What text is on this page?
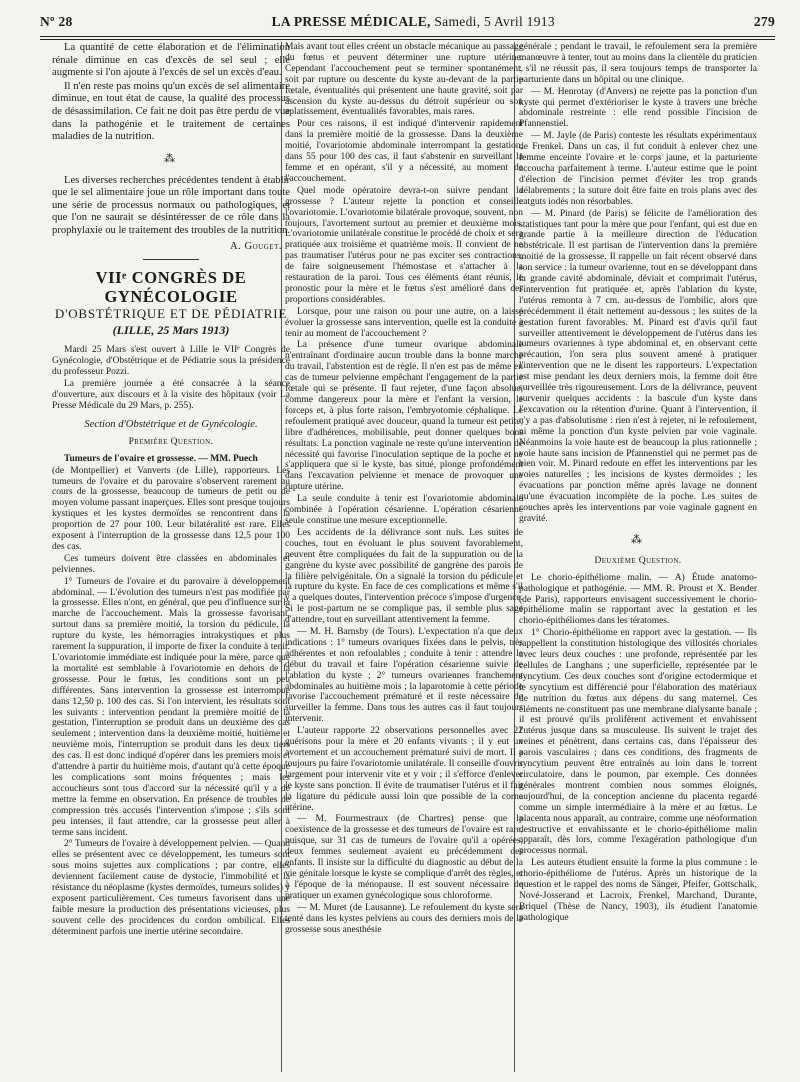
Nº 28	LA PRESSE MÉDICALE, Samedi, 5 Avril 1913	279

La quantité de cette élaboration et de l'élimination rénale diminue en cas d'excès de sel seul ; elle augmente si l'on ajoute à l'excès de sel un excès d'eau.

Il n'en reste pas moins qu'un excès de sel alimentaire diminue, en tout état de cause, la qualité des processus de désassimilation. Ce fait ne doit pas être perdu de vue dans la pathogénie et le traitement de certaines maladies de la nutrition.

⁂

Les diverses recherches précédentes tendent à établir que le sel alimentaire joue un rôle important dans toute une série de processus normaux ou pathologiques, et que l'on ne saurait se désintéresser de ce rôle dans la prophylaxie ou le traitement des troubles de la nutrition.

A. Gouget.
VIIᵉ CONGRÈS DE GYNÉCOLOGIE
D'OBSTÉTRIQUE ET DE PÉDIATRIE
(LILLE, 25 Mars 1913)

Mardi 25 Mars s'est ouvert à Lille le VIIᵉ Congrès de Gynécologie, d'Obstétrique et de Pédiatrie sous la présidence du professeur Pozzi.

La première journée a été consacrée à la séance d'ouverture, aux discours et à la visite des hôpitaux (voir La Presse Médicale du 29 Mars, p. 255).

Section d'Obstétrique et de Gynécologie.
Première Question.

Tumeurs de l'ovaire et grossesse. — MM. Puech

(de Montpellier) et Vanverts (de Lille), rapporteurs. Les tumeurs de l'ovaire et du parovaire s'observent rarement au cours de la grossesse, beaucoup de tumeurs de petit ou de moyen volume passant inaperçues. Elles sont presque toujours kystiques et les kystes dermoïdes se rencontrent dans la proportion de 27 pour 100. Leur bilatéralité est rare. Elles exposent à l'interruption de la grossesse dans 12,5 pour 100 des cas.

Ces tumeurs doivent être classées en abdominales et pelviennes.

1° Tumeurs de l'ovaire et du parovaire à développement abdominal. — L'évolution des tumeurs n'est pas modifiée par la grossesse. Elles n'ont, en général, que peu d'influence sur la marche de l'accouchement. Mais la grossesse favorisant, surtout dans sa première moitié, la torsion du pédicule, la rupture du kyste, les hémorragies intrakystiques et plus rarement la suppuration, il importe de fixer la conduite à tenir. L'ovariotomie immédiate est indiquée pour la mère, parce que la mortalité est semblable à l'ovariotomie en dehors de la grossesse. Pour le fœtus, les conditions sont un peu différentes. Sans intervention la grossesse est interrompue dans 12,50 p. 100 des cas. Si l'on intervient, les résultats sont les suivants : intervention pendant la première moitié de la gestation, l'interruption se produit dans un deuxième des cas seulement ; intervention dans la deuxième moitié, huitième et neuvième mois, l'interruption se produit dans les deux tiers des cas. Il est donc indiqué d'opérer dans les premiers mois et d'attendre à partir du huitième mois, d'autant qu'à cette époque les complications sont moins fréquentes ; mais les accoucheurs sont tous d'accord sur la nécessité qu'il y a de mettre la femme en observation. En présence de troubles de compression très accusés l'intervention s'impose ; s'ils sont peu intenses, il faut attendre, car la grossesse peut aller à terme sans incident.

2° Tumeurs de l'ovaire à développement pelvien. — Quand elles se présentent avec ce développement, les tumeurs sont sous moins sujettes aux complications ; par contre, elles deviennent facilement cause de dystocie, l'immobilité et la résistance du néoplasme (kystes dermoïdes, tumeurs solides) y exposent particulièrement. Ces tumeurs favorisent dans une faible mesure la production des présentations vicieuses, plus souvent celle des procidences du cordon ombilical. Elles déterminent parfois une inertie utérine secondaire.

Mais avant tout elles créent un obstacle mécanique au passage du fœtus et peuvent déterminer une rupture utérine. Cependant l'accouchement peut se terminer spontanément, soit par rupture ou descente du kyste au-devant de la partie fœtale, éventualités qui présentent une haute gravité, soit par ascension du kyste au-dessus du détroit supérieur ou son aplatissement, éventualités favorables, mais rares.

Pour ces raisons, il est indiqué d'intervenir rapidement dans la première moitié de la grossesse. Dans la deuxième moitié, l'ovariotomie abdominale interrompant la gestation, dans 55 pour 100 des cas, il faut s'abstenir en surveillant la femme et en opérant, s'il y a nécessité, au moment de l'accouchement.

Quel mode opératoire devra-t-on suivre pendant la grossesse ? L'auteur rejette la ponction et conseille l'ovariotomie. L'ovariotomie bilatérale provoque, souvent, non toujours, l'avortement surtout au premier et deuxième mois. L'ovariotomie unilatérale constitue le procédé de choix et sera pratiquée aux troisième et quatrième mois. Il convient de ne pas traumatiser l'utérus pour ne pas exciter ses contractions, de faire soigneusement l'hémostase et s'attacher à la restauration de la paroi. Tous ces éléments étant réunis, le pronostic pour la mère et le fœtus s'est amélioré dans des proportions considérables.

Lorsque, pour une raison ou pour une autre, on a laissé évoluer la grossesse sans intervention, quelle est la conduite à tenir au moment de l'accouchement ?

La présence d'une tumeur ovarique abdominale n'entraînant d'ordinaire aucun trouble dans la bonne marche du travail, l'abstention est de règle. Il n'en est pas de même en cas de tumeur pelvienne empêchant l'engagement de la partie fœtale qui se présente. Il faut rejeter, d'une façon absolue, comme dangereux pour la mère et l'enfant la version, le forceps et, à plus forte raison, l'embryotomie céphalique. Le refoulement pratiqué avec douceur, quand la tumeur est petite, libre d'adhérences, mobilisable, peut donner quelques bons résultats. La ponction vaginale ne reste qu'une intervention de nécessité qui favorise l'inoculation septique de la poche et ne s'appliquera que si le kyste, bas situé, plonge profondément dans l'excavation pelvienne et menace de provoquer une rupture utérine.

La seule conduite à tenir est l'ovariotomie abdominale combinée à l'opération césarienne. L'opération césarienne seule constitue une mesure exceptionnelle.

Les accidents de la délivrance sont nuls. Les suites de couches, tout en évoluant le plus souvent favorablement, peuvent être compliquées du fait de la suppuration ou de la gangrène du kyste avec possibilité de gangrène des parois de la filière pelvigénitale. On a signalé la torsion du pédicule et la rupture du kyste. En face de ces complications et même s'il y a quelques doutes, l'intervention précoce s'impose d'urgence. Si le post-partum ne se complique pas, il semble plus sage d'attendre, tout en surveillant attentivement la femme.

— M. H. Barnsby (de Tours). L'expectation n'a que deux indications : 1° tumeurs ovariques fixées dans le pelvis, très adhérentes et non refoulables ; conduite à tenir : attendre le début du travail et faire l'opération césarienne suivie de l'ablation du kyste ; 2° tumeurs ovariennes franchement abdominales au huitième mois ; la laparotomie à cette période favorise l'accouchement prématuré et il reste nécessaire de surveiller la femme. Dans tous les autres cas il faut toujours intervenir.

L'auteur rapporte 22 observations personnelles avec 22 guérisons pour la mère et 20 enfants vivants ; il y eut un avortement et un accouchement prématuré suivi de mort. Il a toujours pu faire l'ovariotomie unilatérale. Il conseille d'ouvrir largement pour intervenir vite et y voir ; il s'efforce d'enlever le kyste sans ponction. Il évite de traumatiser l'utérus et il fait la ligature du pédicule aussi loin que possible de la corne utérine.

— M. Fourmestraux (de Chartres) pense que la coexistence de la grossesse et des tumeurs de l'ovaire est rare, puisque, sur 31 cas de tumeurs de l'ovaire qu'il a opérées, deux femmes seulement avaient eu précédemment des enfants. Il insiste sur la difficulté du diagnostic au début de la vie génitale lorsque le kyste se complique d'arrêt des règles, et à l'époque de la ménopause. Il est souvent nécessaire de pratiquer un examen gynécologique sous chloroforme.

— M. Muret (de Lausanne). Le refoulement du kyste sera tenté dans les kystes pelviens au cours des derniers mois de la grossesse sous anesthésie

générale ; pendant le travail, le refoulement sera la première manœuvre à tenter, tout au moins dans la clientèle du praticien : s'il ne réussit pas, il sera toujours temps de transporter la parturiente dans un hôpital ou une clinique.

— M. Henrotay (d'Anvers) ne rejette pas la ponction d'un kyste qui permet d'extérioriser le kyste à travers une brèche abdominale restreinte : elle rend possible l'incision de Pfannenstiel.

— M. Jayle (de Paris) conteste les résultats expérimentaux de Frenkel. Dans un cas, il fut conduit à enlever chez une femme enceinte l'ovaire et le corps jaune, et la parturiente accoucha parfaitement à terme. L'auteur estime que le point d'élection de l'incision permet d'éviter les trop grands délabrements ; la suture doit être faite en trois plans avec des catguts iodés non résorbables.

— M. Pinard (de Paris) se félicite de l'amélioration des statistiques tant pour la mère que pour l'enfant, qui est due en grande partie à la meilleure direction de l'éducation obstétricale. Il est partisan de l'intervention dans la première moitié de la grossesse. Il rappelle un fait récent observé dans son service : la tumeur ovarienne, tout en se développant dans la grande cavité abdominale, déviait et comprimait l'utérus, l'intervention fut pratiquée et, après l'ablation du kyste, l'utérus remonta à 7 cm. au-dessus de l'ombilic, alors que précédemment il était nettement au-dessous ; les suites de la gestation furent favorables. M. Pinard est d'avis qu'il faut surveiller attentivement le développement de l'utérus dans les tumeurs ovariennes à type abdominal et, en observant cette précaution, l'on sera plus souvent amené à pratiquer l'intervention que ne le disent les rapporteurs. L'expectation est mise pendant les deux derniers mois, la femme doit être surveillée très rigoureusement. Lors de la délivrance, peuvent survenir quelques accidents : la bascule d'un kyste dans l'excavation ou la rétention d'urine. Quant à l'intervention, il n'y a pas d'absolutisme : rien n'est à rejeter, ni le refoulement, ni même la ponction d'un kyste pelvien par voie vaginale. Néanmoins la voie haute est de beaucoup la plus rationnelle ; voie haute sans incision de Pfannenstiel qui ne permet pas de bien voir. M. Pinard redoute en effet les interventions par les voies naturelles ; les incisions de kystes dermoïdes ; les évacuations par ponction même après lavage ne donnent qu'une évacuation incomplète de la poche. Les suites de couches après les interventions par voie vaginale gagnent en gravité.

⁂
Deuxième Question.

Le chorio-épithéliome malin. — A) Étude anatomo-pathologique et pathogénie. — MM. R. Proust et X. Bender (de Paris), rapporteurs envisagent successivement le chorio-épithéliome malin se rapportant avec la gestation et les chorio-épithéliomes dans les tératomes.

1° Chorio-épithéliome en rapport avec la gestation. — Ils rappellent la constitution histologique des villosités choriales avec leurs deux couches : une profonde, représentée par les cellules de Langhans ; une superficielle, représentée par le syncytium. Ces deux couches sont d'origine ectodermique et le syncytium est différencié pour l'élaboration des matériaux de nutrition du fœtus aux dépens du sang maternel. Ces éléments ne constituent pas une membrane dialysante banale ; il est prouvé qu'ils prolifèrent activement et envahissent l'utérus jusque dans sa musculeuse. Ils suivent le trajet des veines et pénètrent, dans certains cas, dans l'épaisseur des parois vasculaires ; dans ces conditions, des fragments de syncytium peuvent être entraînés au loin dans le torrent circulatoire, dans le poumon, par exemple. Ces données générales montrent combien nous sommes éloignés, aujourd'hui, de la conception ancienne du placenta regardé comme un simple intermédiaire à la mère et au fœtus. Le placenta nous apparaît, au contraire, comme une néoformation destructive et envahissante et le chorio-épithéliome malin apparaît, dès lors, comme l'exagération pathologique d'un processus normal.

Les auteurs étudient ensuite la forme la plus commune : le chorio-épithéliome de l'utérus. Après un historique de la question et le rappel des noms de Sänger, Pfeifer, Gottschalk, Nové-Josserand et Lacroix, Frenkel, Marchand, Durante, Briquel (Thèse de Nancy, 1903), ils étudient l'anatomie pathologique
